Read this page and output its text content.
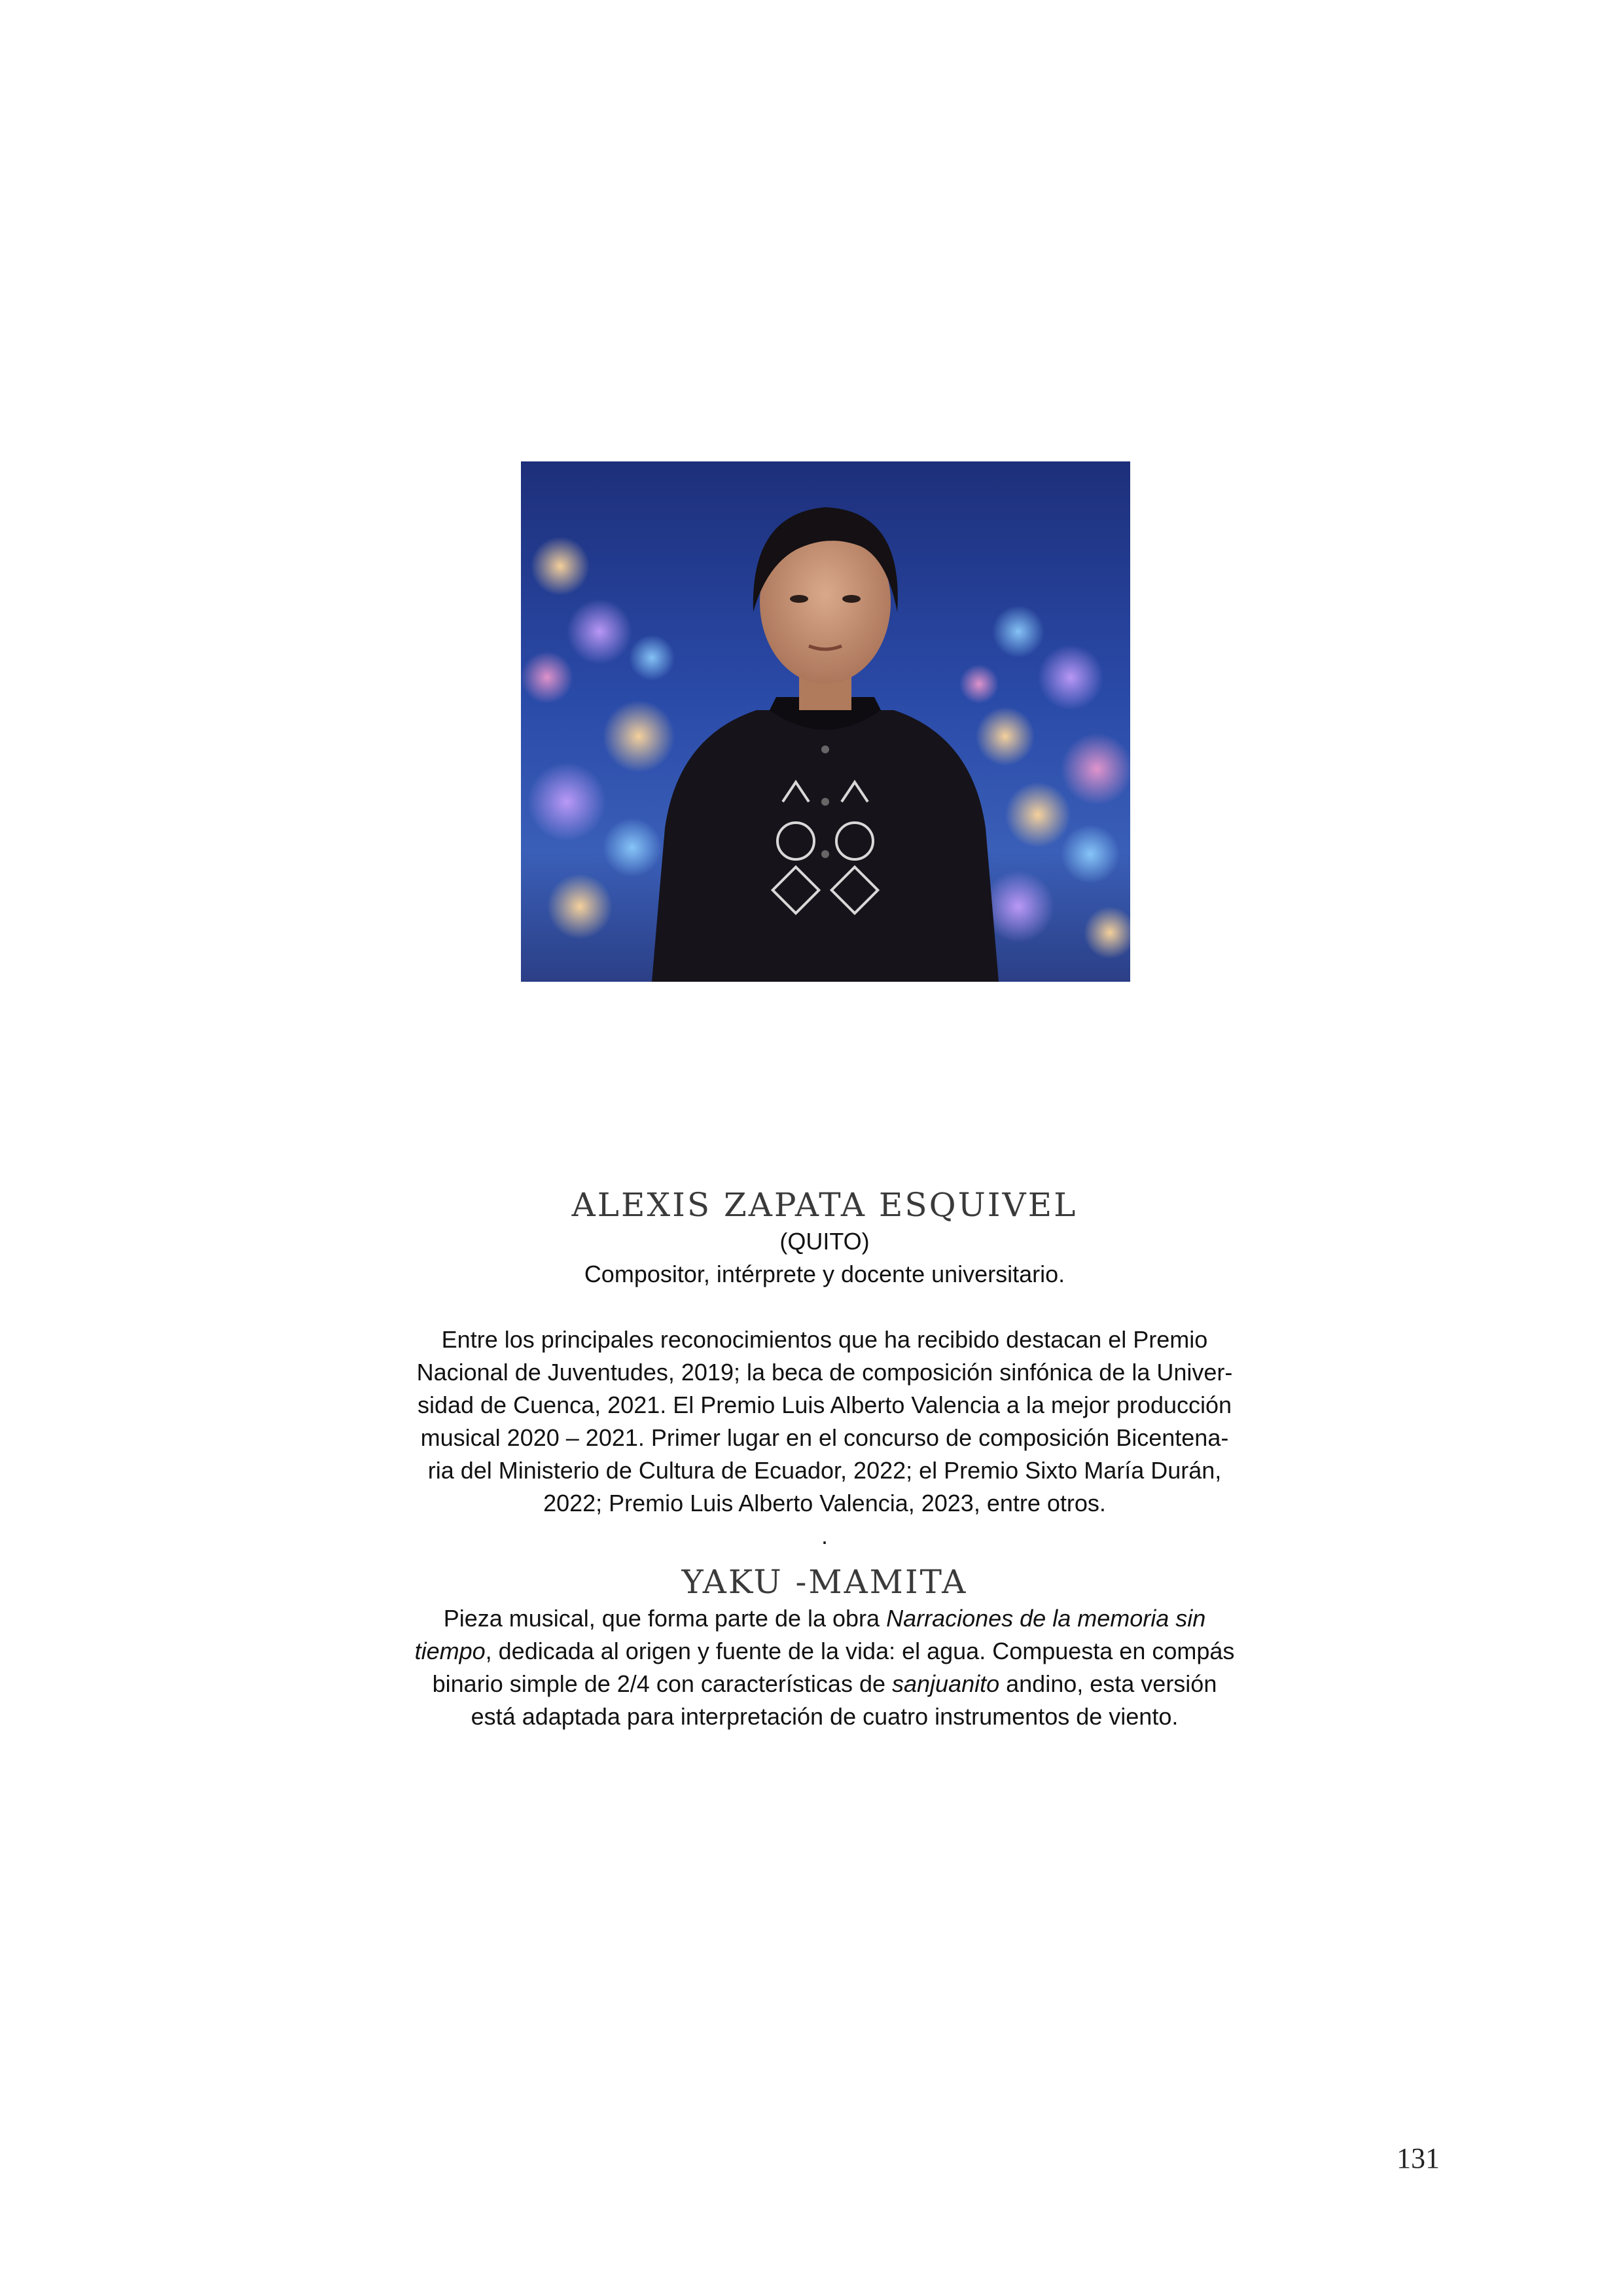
ALEXIS ZAPATA ESQUIVEL

(QUITO)

Compositor, intérprete y docente universitario.

Entre los principales reconocimientos que ha recibido destacan el Premio

Nacional de Juventudes, 2019; la beca de composición sinfónica de la Univer-

sidad de Cuenca, 2021. El Premio Luis Alberto Valencia a la mejor producción

musical 2020 – 2021. Primer lugar en el concurso de composición Bicentena-

ria del Ministerio de Cultura de Ecuador, 2022; el Premio Sixto María Durán,

2022; Premio Luis Alberto Valencia, 2023, entre otros.

.

YAKU -MAMITA

Pieza musical, que forma parte de la obra Narraciones de la memoria sin

tiempo, dedicada al origen y fuente de la vida: el agua. Compuesta en compás

binario simple de 2/4 con características de sanjuanito andino, esta versión

está adaptada para interpretación de cuatro instrumentos de viento.

131
